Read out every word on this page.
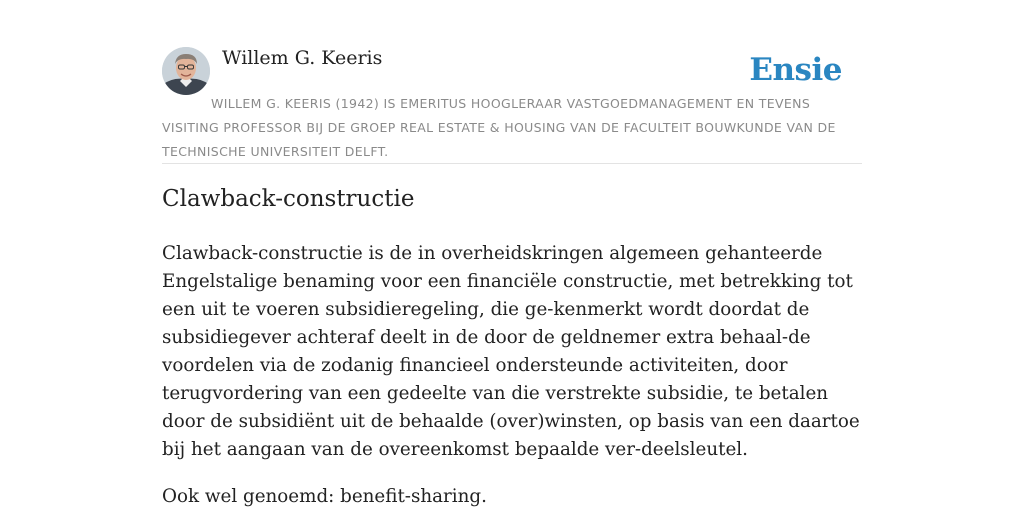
Willem G. Keeris	Ensie
WILLEM G. KEERIS (1942) IS EMERITUS HOOGLERAAR VASTGOEDMANAGEMENT EN TEVENS VISITING PROFESSOR BIJ DE GROEP REAL ESTATE & HOUSING VAN DE FACULTEIT BOUWKUNDE VAN DE TECHNISCHE UNIVERSITEIT DELFT.
Clawback-constructie

Clawback-constructie is de in overheidskringen algemeen gehanteerde Engelstalige benaming voor een financiële constructie, met betrekking tot een uit te voeren subsidieregeling, die ge-kenmerkt wordt doordat de subsidiegever achteraf deelt in de door de geldnemer extra behaal-de voordelen via de zodanig financieel ondersteunde activiteiten, door terugvordering van een gedeelte van die verstrekte subsidie, te betalen door de subsidiënt uit de behaalde (over)winsten, op basis van een daartoe bij het aangaan van de overeenkomst bepaalde ver-deelsleutel.

Ook wel genoemd: benefit-sharing.
